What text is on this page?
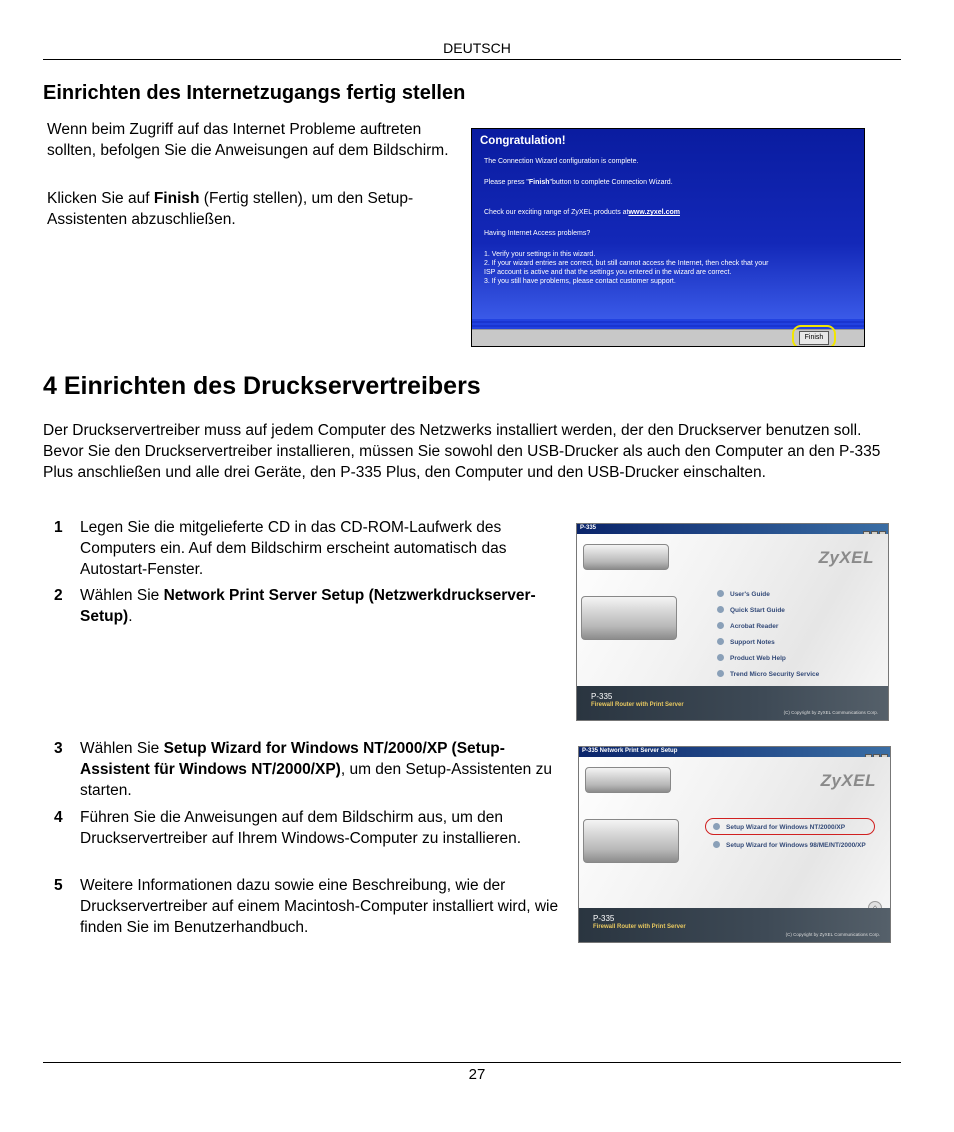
DEUTSCH
Einrichten des Internetzugangs fertig stellen

Wenn beim Zugriff auf das Internet Probleme auftreten sollten, befolgen Sie die Anweisungen auf dem Bildschirm.

Klicken Sie auf Finish (Fertig stellen), um den Setup-Assistenten abzuschließen.

Congratulation!
The Connection Wizard configuration is complete.
Please press "Finish"button to complete Connection Wizard.
Check our exciting range of ZyXEL products atwww.zyxel.com
Having Internet Access problems?
1. Verify your settings in this wizard.
2. If your wizard entries are correct, but still cannot access the Internet, then check that your
ISP account is active and that the settings you entered in the wizard are correct.
3. If you still have problems, please contact customer support.
Finish
4 Einrichten des Druckservertreibers

Der Druckservertreiber muss auf jedem Computer des Netzwerks installiert werden, der den Druckserver benutzen soll. Bevor Sie den Druckservertreiber installieren, müssen Sie sowohl den USB-Drucker als auch den Computer an den P-335 Plus anschließen und alle drei Geräte, den P-335 Plus, den Computer und den USB-Drucker einschalten.

1	Legen Sie die mitgelieferte CD in das CD-ROM-Laufwerk des Computers ein. Auf dem Bildschirm erscheint automatisch das Autostart-Fenster.
2	Wählen Sie Network Print Server Setup (Netzwerkdruckserver-Setup).
3	Wählen Sie Setup Wizard for Windows NT/2000/XP (Setup-Assistent für Windows NT/2000/XP), um den Setup-Assistenten zu starten.
4	Führen Sie die Anweisungen auf dem Bildschirm aus, um den Druckservertreiber auf Ihrem Windows-Computer zu installieren.
5	Weitere Informationen dazu sowie eine Beschreibung, wie der Druckservertreiber auf einem Macintosh-Computer installiert wird, wie finden Sie im Benutzerhandbuch.
P-335
ZyXEL
User's Guide
Quick Start Guide
Acrobat Reader
Support Notes
Product Web Help
Trend Micro Security Service
P-335
Firewall Router with Print Server
(C) Copyright by ZyXEL Communications Corp.
P-335 Network Print Server Setup
ZyXEL
Setup Wizard for Windows NT/2000/XP
Setup Wizard for Windows 98/ME/NT/2000/XP
P-335
Firewall Router with Print Server
(C) Copyright by ZyXEL Communications Corp.
27
